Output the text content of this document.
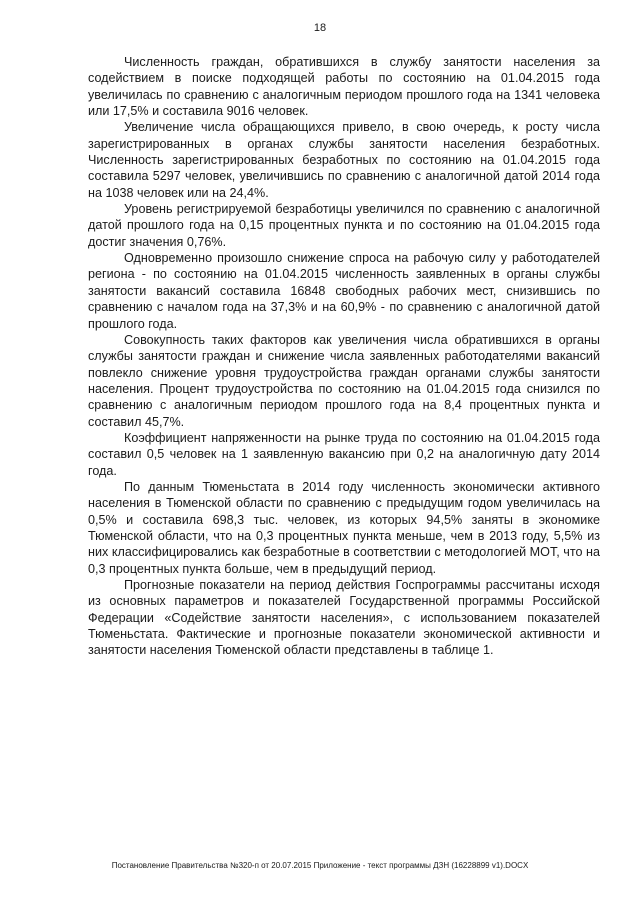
18

Численность граждан, обратившихся в службу занятости населения за содействием в поиске подходящей работы по состоянию на 01.04.2015 года увеличилась по сравнению с аналогичным периодом прошлого года на 1341 человека или 17,5% и составила 9016 человек.

Увеличение числа обращающихся привело, в свою очередь, к росту числа зарегистрированных в органах службы занятости населения безработных. Численность зарегистрированных безработных по состоянию на 01.04.2015 года составила 5297 человек, увеличившись по сравнению с аналогичной датой 2014 года на 1038 человек или на 24,4%.

Уровень регистрируемой безработицы увеличился по сравнению с аналогичной датой прошлого года на 0,15 процентных пункта и по состоянию на 01.04.2015 года достиг значения 0,76%.

Одновременно произошло снижение спроса на рабочую силу у работодателей региона - по состоянию на 01.04.2015 численность заявленных в органы службы занятости вакансий составила 16848 свободных рабочих мест, снизившись по сравнению с началом года на 37,3% и на 60,9% - по сравнению с аналогичной датой прошлого года.

Совокупность таких факторов как увеличения числа обратившихся в органы службы занятости граждан и снижение числа заявленных работодателями вакансий повлекло снижение уровня трудоустройства граждан органами службы занятости населения. Процент трудоустройства по состоянию на 01.04.2015 года снизился по сравнению с аналогичным периодом прошлого года на 8,4 процентных пункта и составил 45,7%.

Коэффициент напряженности на рынке труда по состоянию на 01.04.2015 года составил 0,5 человек на 1 заявленную вакансию при 0,2 на аналогичную дату 2014 года.

По данным Тюменьстата в 2014 году численность экономически активного населения в Тюменской области по сравнению с предыдущим годом увеличилась на 0,5% и составила 698,3 тыс. человек, из которых 94,5% заняты в экономике Тюменской области, что на 0,3 процентных пункта меньше, чем в 2013 году, 5,5% из них классифицировались как безработные в соответствии с методологией МОТ, что на 0,3 процентных пункта больше, чем в предыдущий период.

Прогнозные показатели на период действия Госпрограммы рассчитаны исходя из основных параметров и показателей Государственной программы Российской Федерации «Содействие занятости населения», с использованием показателей Тюменьстата. Фактические и прогнозные показатели экономической активности и занятости населения Тюменской области представлены в таблице 1.

Постановление Правительства №320-п от 20.07.2015 Приложение - текст программы ДЗН (16228899 v1).DOCX
